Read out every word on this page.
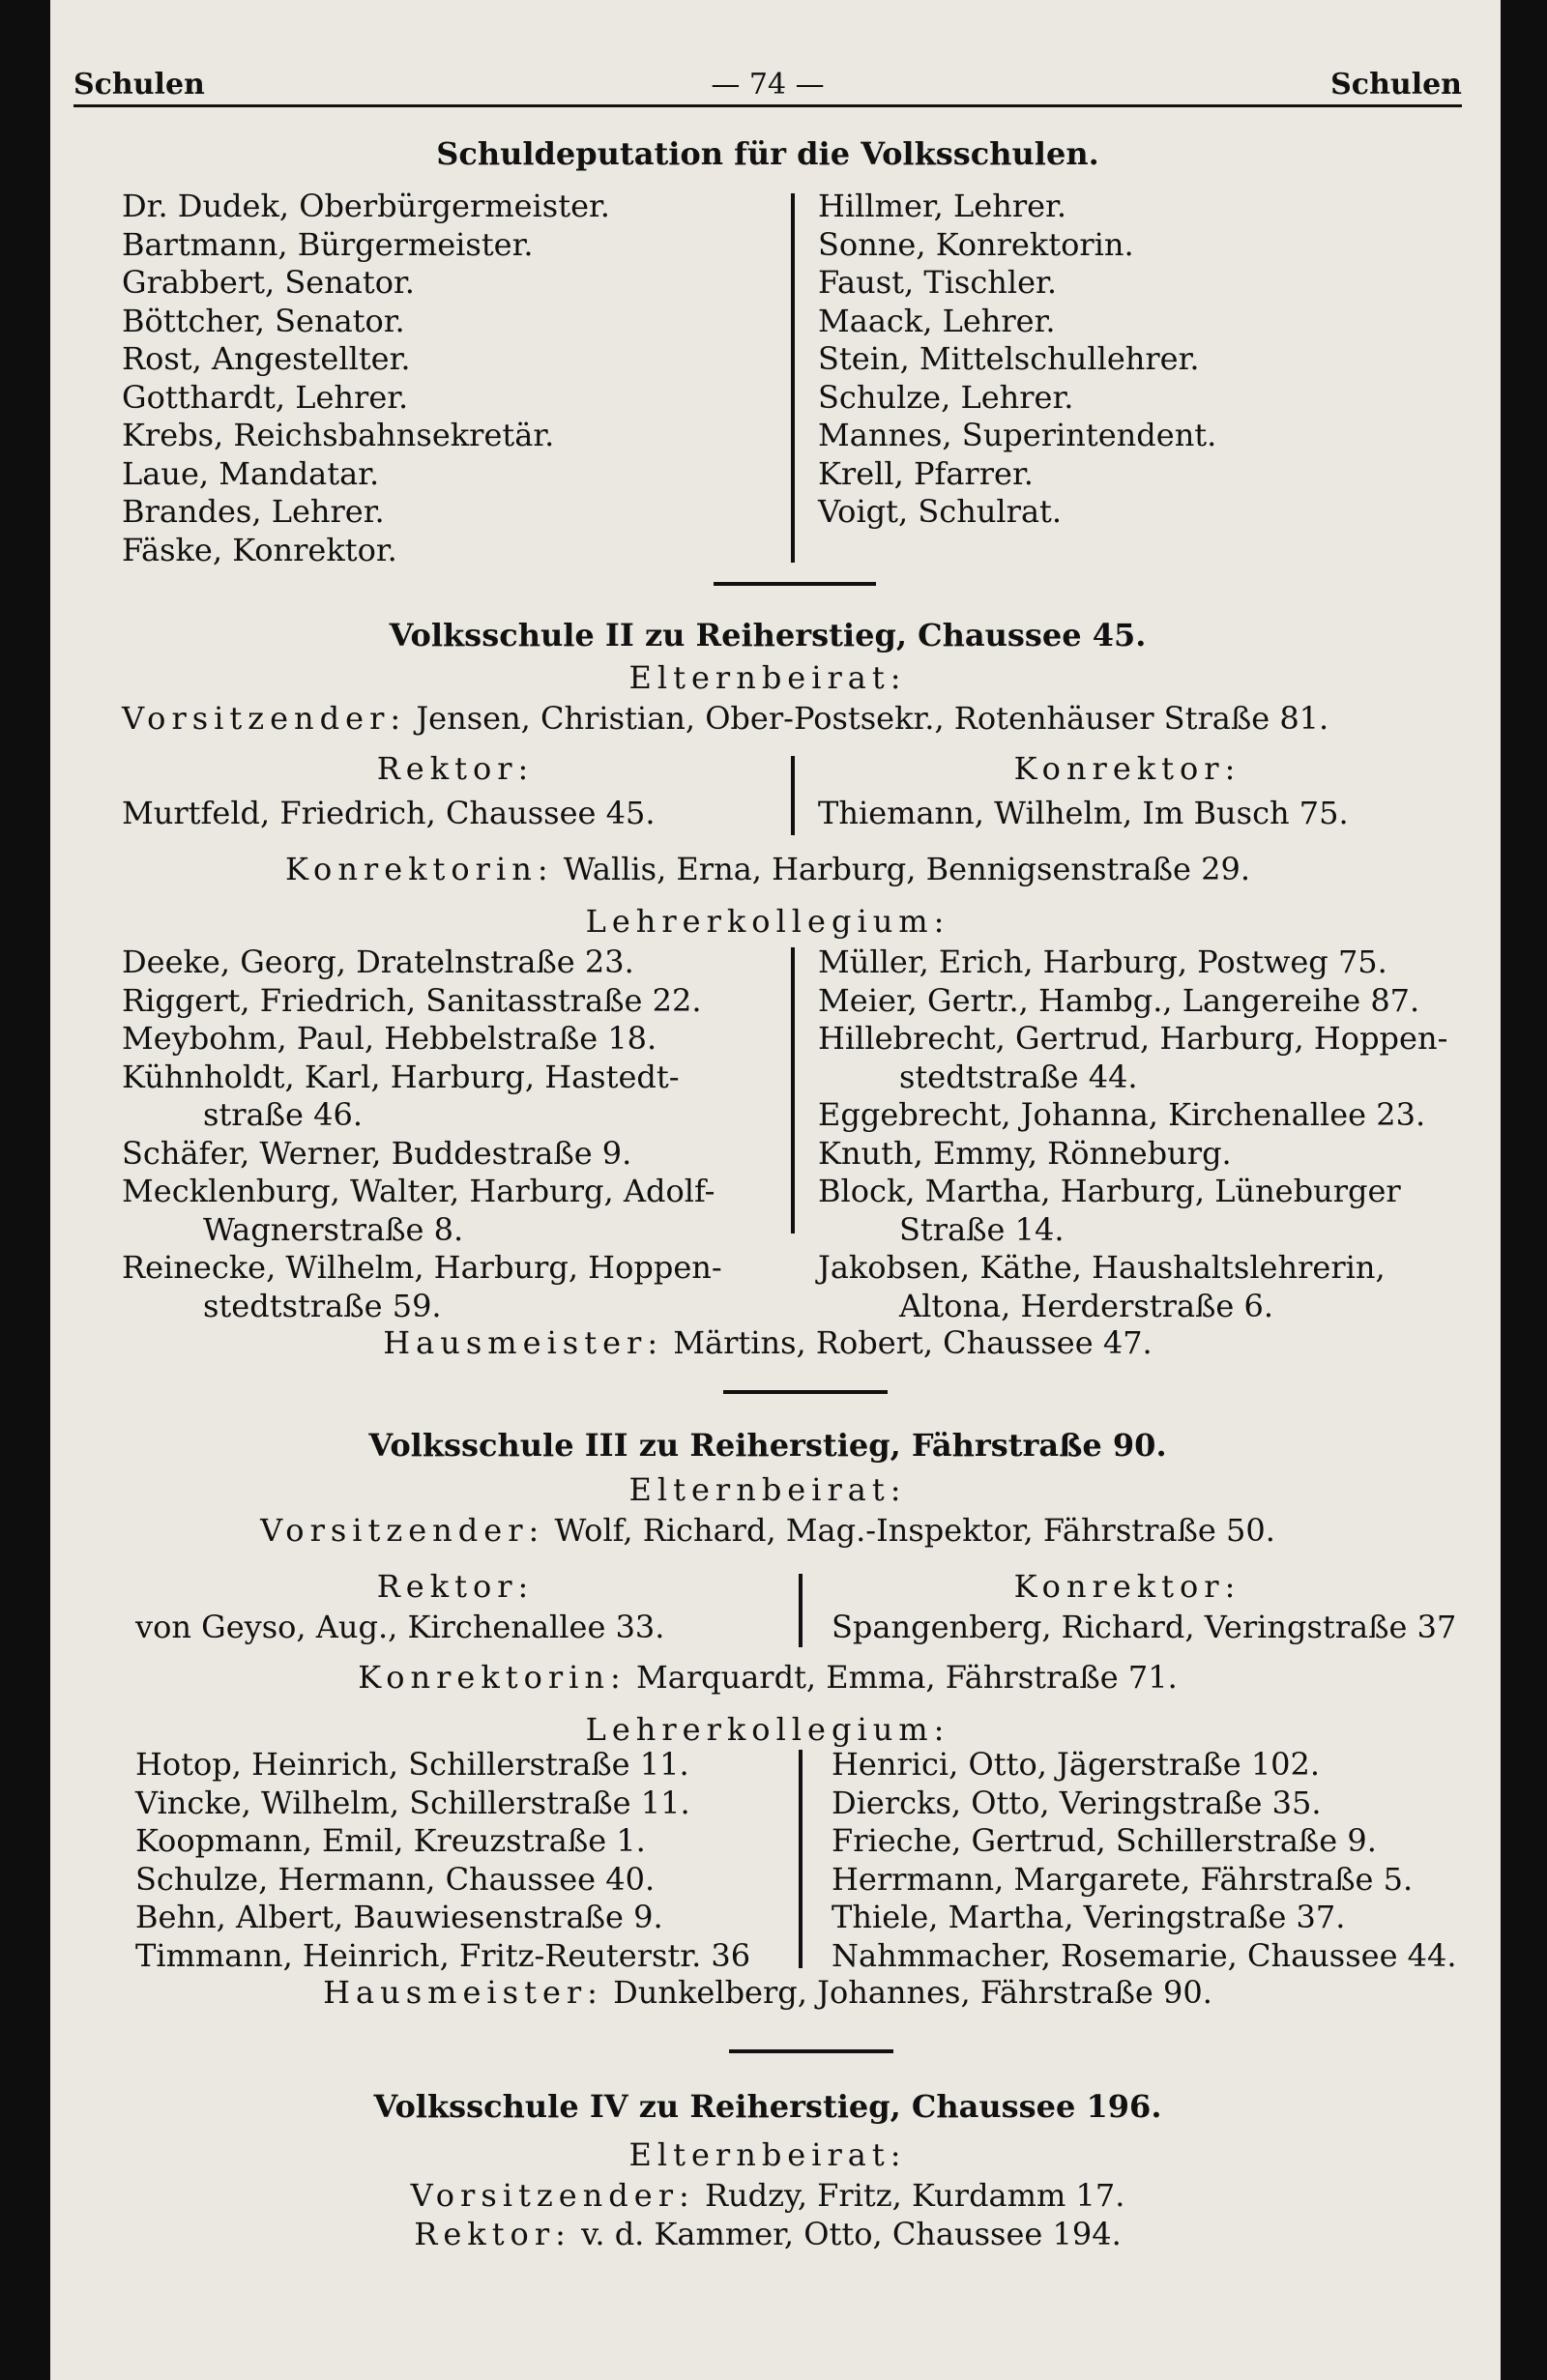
Schulen	— 74 —	Schulen
Schuldeputation für die Volksschulen.
Dr. Dudek, Oberbürgermeister.
Bartmann, Bürgermeister.
Grabbert, Senator.
Böttcher, Senator.
Rost, Angestellter.
Gotthardt, Lehrer.
Krebs, Reichsbahnsekretär.
Laue, Mandatar.
Brandes, Lehrer.
Fäske, Konrektor.
Hillmer, Lehrer.
Sonne, Konrektorin.
Faust, Tischler.
Maack, Lehrer.
Stein, Mittelschullehrer.
Schulze, Lehrer.
Mannes, Superintendent.
Krell, Pfarrer.
Voigt, Schulrat.
Volksschule II zu Reiherstieg, Chaussee 45.
Elternbeirat:
Vorsitzender: Jensen, Christian, Ober-Postsekr., Rotenhäuser Straße 81.
Rektor:	Konrektor:
Murtfeld, Friedrich, Chaussee 45.	Thiemann, Wilhelm, Im Busch 75.
Konrektorin: Wallis, Erna, Harburg, Bennigsenstraße 29.
Lehrerkollegium:
Deeke, Georg, Dratelnstraße 23.
Riggert, Friedrich, Sanitasstraße 22.
Meybohm, Paul, Hebbelstraße 18.
Kühnholdt, Karl, Harburg, Hastedt-
straße 46.
Schäfer, Werner, Buddestraße 9.
Mecklenburg, Walter, Harburg, Adolf-
Wagnerstraße 8.
Reinecke, Wilhelm, Harburg, Hoppen-
stedtstraße 59.
Müller, Erich, Harburg, Postweg 75.
Meier, Gertr., Hambg., Langereihe 87.
Hillebrecht, Gertrud, Harburg, Hoppen-
stedtstraße 44.
Eggebrecht, Johanna, Kirchenallee 23.
Knuth, Emmy, Rönneburg.
Block, Martha, Harburg, Lüneburger
Straße 14.
Jakobsen, Käthe, Haushaltslehrerin,
Altona, Herderstraße 6.
Hausmeister: Märtins, Robert, Chaussee 47.
Volksschule III zu Reiherstieg, Fährstraße 90.
Elternbeirat:
Vorsitzender: Wolf, Richard, Mag.-Inspektor, Fährstraße 50.
Rektor:	Konrektor:
von Geyso, Aug., Kirchenallee 33.	Spangenberg, Richard, Veringstraße 37
Konrektorin: Marquardt, Emma, Fährstraße 71.
Lehrerkollegium:
Hotop, Heinrich, Schillerstraße 11.
Vincke, Wilhelm, Schillerstraße 11.
Koopmann, Emil, Kreuzstraße 1.
Schulze, Hermann, Chaussee 40.
Behn, Albert, Bauwiesenstraße 9.
Timmann, Heinrich, Fritz-Reuterstr. 36
Henrici, Otto, Jägerstraße 102.
Diercks, Otto, Veringstraße 35.
Frieche, Gertrud, Schillerstraße 9.
Herrmann, Margarete, Fährstraße 5.
Thiele, Martha, Veringstraße 37.
Nahmmacher, Rosemarie, Chaussee 44.
Hausmeister: Dunkelberg, Johannes, Fährstraße 90.
Volksschule IV zu Reiherstieg, Chaussee 196.
Elternbeirat:
Vorsitzender: Rudzy, Fritz, Kurdamm 17.
Rektor: v. d. Kammer, Otto, Chaussee 194.
